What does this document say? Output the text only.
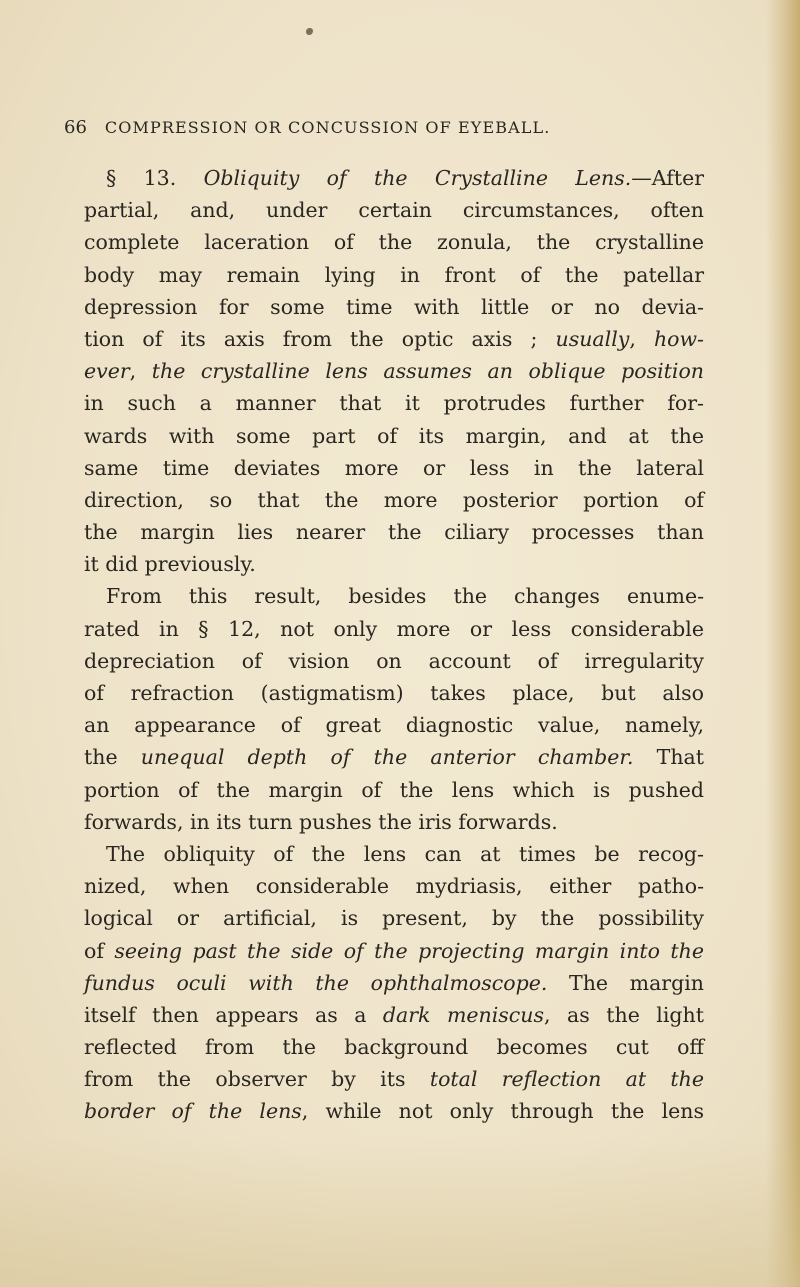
66 COMPRESSION OR CONCUSSION OF EYEBALL.
§ 13. Obliquity of the Crystalline Lens.—After
partial, and, under certain circumstances, often
complete laceration of the zonula, the crystalline
body may remain lying in front of the patellar
depression for some time with little or no devia-
tion of its axis from the optic axis ; usually, how-
ever, the crystalline lens assumes an oblique position
in such a manner that it protrudes further for-
wards with some part of its margin, and at the
same time deviates more or less in the lateral
direction, so that the more posterior portion of
the margin lies nearer the ciliary processes than
it did previously.
From this result, besides the changes enume-
rated in § 12, not only more or less considerable
depreciation of vision on account of irregularity
of refraction (astigmatism) takes place, but also
an appearance of great diagnostic value, namely,
the unequal depth of the anterior chamber. That
portion of the margin of the lens which is pushed
forwards, in its turn pushes the iris forwards.
The obliquity of the lens can at times be recog-
nized, when considerable mydriasis, either patho-
logical or artificial, is present, by the possibility
of seeing past the side of the projecting margin into the
fundus oculi with the ophthalmoscope. The margin
itself then appears as a dark meniscus, as the light
reflected from the background becomes cut off
from the observer by its total reflection at the
border of the lens, while not only through the lens
